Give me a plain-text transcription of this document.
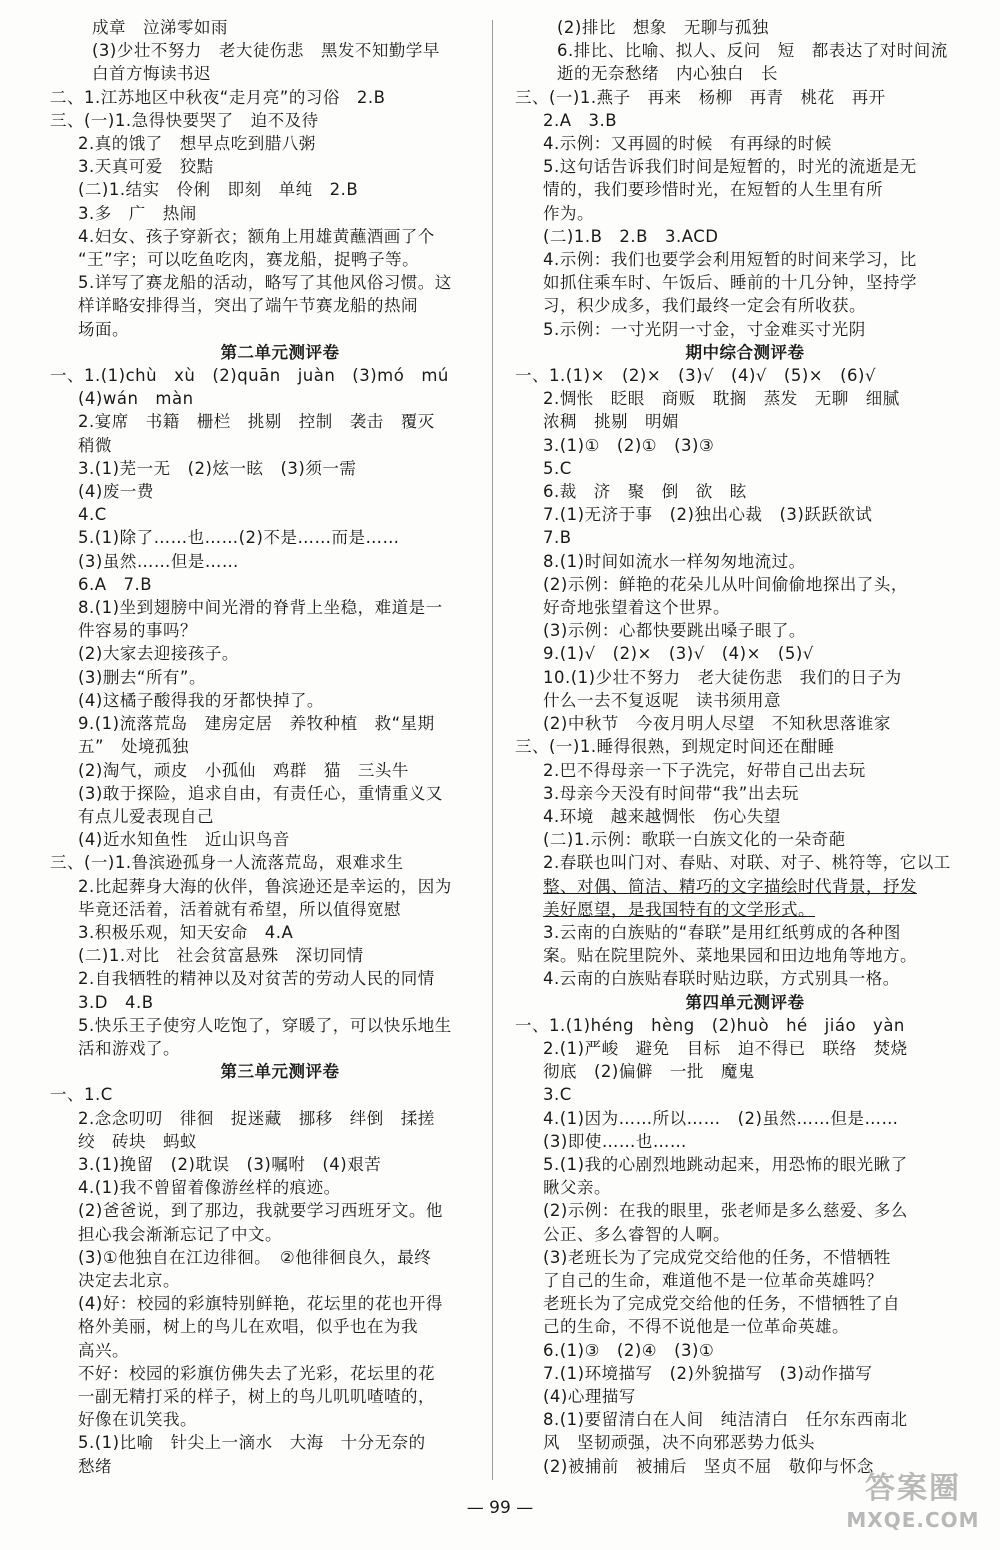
成章　泣涕零如雨
(3)少壮不努力　老大徒伤悲　黑发不知勤学早
白首方悔读书迟
二、1.江苏地区中秋夜“走月亮”的习俗　2.B
三、(一)1.急得快要哭了　迫不及待
2.真的饿了　想早点吃到腊八粥
3.天真可爱　狡黠
(二)1.结实　伶俐　即刻　单纯　2.B
3.多　广　热闹
4.妇女、孩子穿新衣；额角上用雄黄蘸酒画了个
“王”字；可以吃鱼吃肉，赛龙船，捉鸭子等。
5.详写了赛龙船的活动，略写了其他风俗习惯。这
样详略安排得当，突出了端午节赛龙船的热闹
场面。
第二单元测评卷
一、1.(1)chù　xù　(2)quān　juàn　(3)mó　mú
(4)wán　màn
2.宴席　书籍　栅栏　挑剔　控制　袭击　覆灭
稍微
3.(1)芜一无　(2)炫一眩　(3)须一需
(4)废一费
4.C
5.(1)除了……也……(2)不是……而是……
(3)虽然……但是……
6.A　7.B
8.(1)坐到翅膀中间光滑的脊背上坐稳，难道是一
件容易的事吗？
(2)大家去迎接孩子。
(3)删去“所有”。
(4)这橘子酸得我的牙都快掉了。
9.(1)流落荒岛　建房定居　养牧种植　救“星期
五”　处境孤独
(2)淘气，顽皮　小孤仙　鸡群　猫　三头牛
(3)敢于探险，追求自由，有责任心，重情重义又
有点儿爱表现自己
(4)近水知鱼性　近山识鸟音
三、(一)1.鲁滨逊孤身一人流落荒岛，艰难求生
2.比起葬身大海的伙伴，鲁滨逊还是幸运的，因为
毕竟还活着，活着就有希望，所以值得宽慰
3.积极乐观，知天安命　4.A
(二)1.对比　社会贫富悬殊　深切同情
2.自我牺牲的精神以及对贫苦的劳动人民的同情
3.D　4.B
5.快乐王子使穷人吃饱了，穿暖了，可以快乐地生
活和游戏了。
第三单元测评卷
一、1.C
2.念念叨叨　徘徊　捉迷藏　挪移　绊倒　揉搓
绞　砖块　蚂蚁
3.(1)挽留　(2)耽误　(3)嘱咐　(4)艰苦
4.(1)我不曾留着像游丝样的痕迹。
(2)爸爸说，到了那边，我就要学习西班牙文。他
担心我会渐渐忘记了中文。
(3)①他独自在江边徘徊。　②他徘徊良久，最终
决定去北京。
(4)好：校园的彩旗特别鲜艳，花坛里的花也开得
格外美丽，树上的鸟儿在欢唱，似乎也在为我
高兴。
不好：校园的彩旗仿佛失去了光彩，花坛里的花
一副无精打采的样子，树上的鸟儿叽叽喳喳的，
好像在讥笑我。
5.(1)比喻　针尖上一滴水　大海　十分无奈的
愁绪
(2)排比　想象　无聊与孤独
6.排比、比喻、拟人、反问　短　都表达了对时间流
逝的无奈愁绪　内心独白　长
三、(一)1.燕子　再来　杨柳　再青　桃花　再开
2.A　3.B
4.示例：又再圆的时候　有再绿的时候
5.这句话告诉我们时间是短暂的，时光的流逝是无
情的，我们要珍惜时光，在短暂的人生里有所
作为。
(二)1.B　2.B　3.ACD
4.示例：我们也要学会利用短暂的时间来学习，比
如抓住乘车时、午饭后、睡前的十几分钟，坚持学
习，积少成多，我们最终一定会有所收获。
5.示例：一寸光阴一寸金，寸金难买寸光阴
期中综合测评卷
一、1.(1)×　(2)×　(3)√　(4)√　(5)×　(6)√
2.惆怅　眨眼　商贩　耽搁　蒸发　无聊　细腻
浓稠　挑剔　明媚
3.(1)①　(2)①　(3)③
5.C
6.裁　济　聚　倒　欲　眩
7.(1)无济于事　(2)独出心裁　(3)跃跃欲试
7.B
8.(1)时间如流水一样匆匆地流过。
(2)示例：鲜艳的花朵儿从叶间偷偷地探出了头，
好奇地张望着这个世界。
(3)示例：心都快要跳出嗓子眼了。
9.(1)√　(2)×　(3)√　(4)×　(5)√
10.(1)少壮不努力　老大徒伤悲　我们的日子为
什么一去不复返呢　读书须用意
(2)中秋节　今夜月明人尽望　不知秋思落谁家
三、(一)1.睡得很熟，到规定时间还在酣睡
2.巴不得母亲一下子洗完，好带自己出去玩
3.母亲今天没有时间带“我”出去玩
4.环境　越来越惆怅　伤心失望
(二)1.示例：歌联一白族文化的一朵奇葩
2.春联也叫门对、春贴、对联、对子、桃符等，它以工
整、对偶、简洁、精巧的文字描绘时代背景，抒发
美好愿望，是我国特有的文学形式。
3.云南的白族贴的“春联”是用红纸剪成的各种图
案。贴在院里院外、菜地果园和田边地角等地方。
4.云南的白族贴春联时贴边联，方式别具一格。
第四单元测评卷
一、1.(1)héng　hèng　(2)huò　hé　jiáo　yàn
2.(1)严峻　避免　目标　迫不得已　联络　焚烧
彻底　(2)偏僻　一批　魔鬼
3.C
4.(1)因为……所以……　(2)虽然……但是……
(3)即使……也……
5.(1)我的心剧烈地跳动起来，用恐怖的眼光瞅了
瞅父亲。
(2)示例：在我的眼里，张老师是多么慈爱、多么
公正、多么睿智的人啊。
(3)老班长为了完成党交给他的任务，不惜牺牲
了自己的生命，难道他不是一位革命英雄吗？
老班长为了完成党交给他的任务，不惜牺牲了自
己的生命，不得不说他是一位革命英雄。
6.(1)③　(2)④　(3)①
7.(1)环境描写　(2)外貌描写　(3)动作描写
(4)心理描写
8.(1)要留清白在人间　纯洁清白　任尔东西南北
风　坚韧顽强，决不向邪恶势力低头
(2)被捕前　被捕后　坚贞不屈　敬仰与怀念
— 99 —
答案圈
MXQE.COM
